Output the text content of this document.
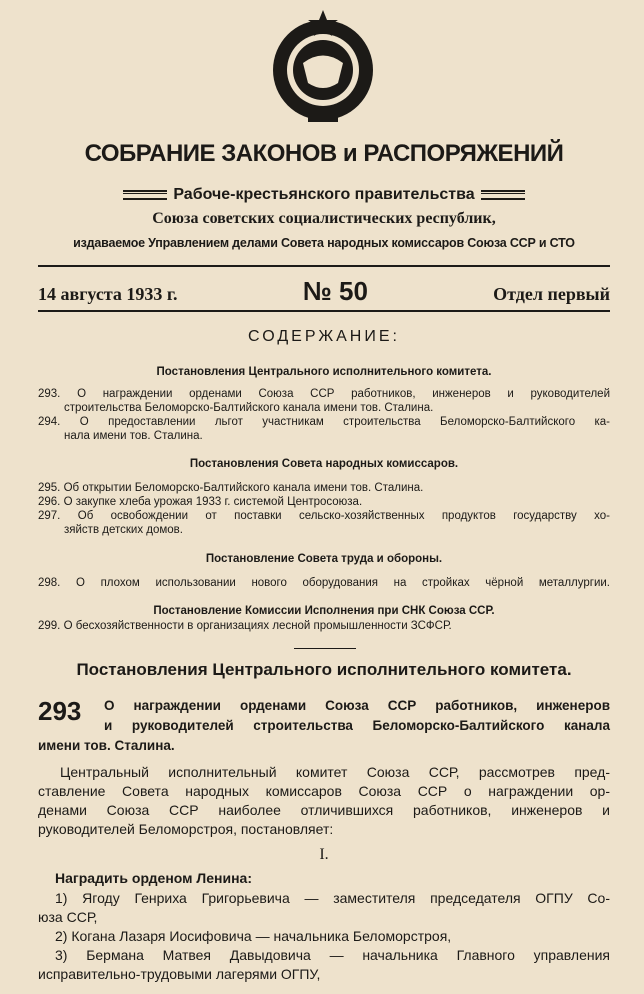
СОБРАНИЕ ЗАКОНОВ и РАСПОРЯЖЕНИЙ
Рабоче-крестьянского правительства
Союза советских социалистических республик,
издаваемое Управлением делами Совета народных комиссаров Союза ССР и СТО
14 августа 1933 г.	№ 50	Отдел первый
СОДЕРЖАНИЕ:
Постановления Центрального исполнительного комитета.
293. О награждении орденами Союза ССР работников, инженеров и руководителей
строительства Беломорско-Балтийского канала имени тов. Сталина.
294. О предоставлении льгот участникам строительства Беломорско-Балтийского ка-
нала имени тов. Сталина.
Постановления Совета народных комиссаров.
295. Об открытии Беломорско-Балтийского канала имени тов. Сталина.
296. О закупке хлеба урожая 1933 г. системой Центросоюза.
297. Об освобождении от поставки сельско-хозяйственных продуктов государству хо-
зяйств детских домов.
Постановление Совета труда и обороны.
298. О плохом использовании нового оборудования на стройках чёрной металлургии.
Постановление Комиссии Исполнения при СНК Союза ССР.
299. О бесхозяйственности в организациях лесной промышленности ЗСФСР.
Постановления Центрального исполнительного комитета.
293 О награждении орденами Союза ССР работников, инженеров
и руководителей строительства Беломорско-Балтийского канала
имени тов. Сталина.
Центральный исполнительный комитет Союза ССР, рассмотрев пред-
ставление Совета народных комиссаров Союза ССР о награждении ор-
денами Союза ССР наиболее отличившихся работников, инженеров и
руководителей Беломорстроя, постановляет:
I.
Наградить орденом Ленина:
1) Ягоду Генриха Григорьевича — заместителя председателя ОГПУ Со-
юза ССР,
2) Когана Лазаря Иосифовича — начальника Беломорстроя,
3) Бермана Матвея Давыдовича — начальника Главного управления
исправительно-трудовыми лагерями ОГПУ,
